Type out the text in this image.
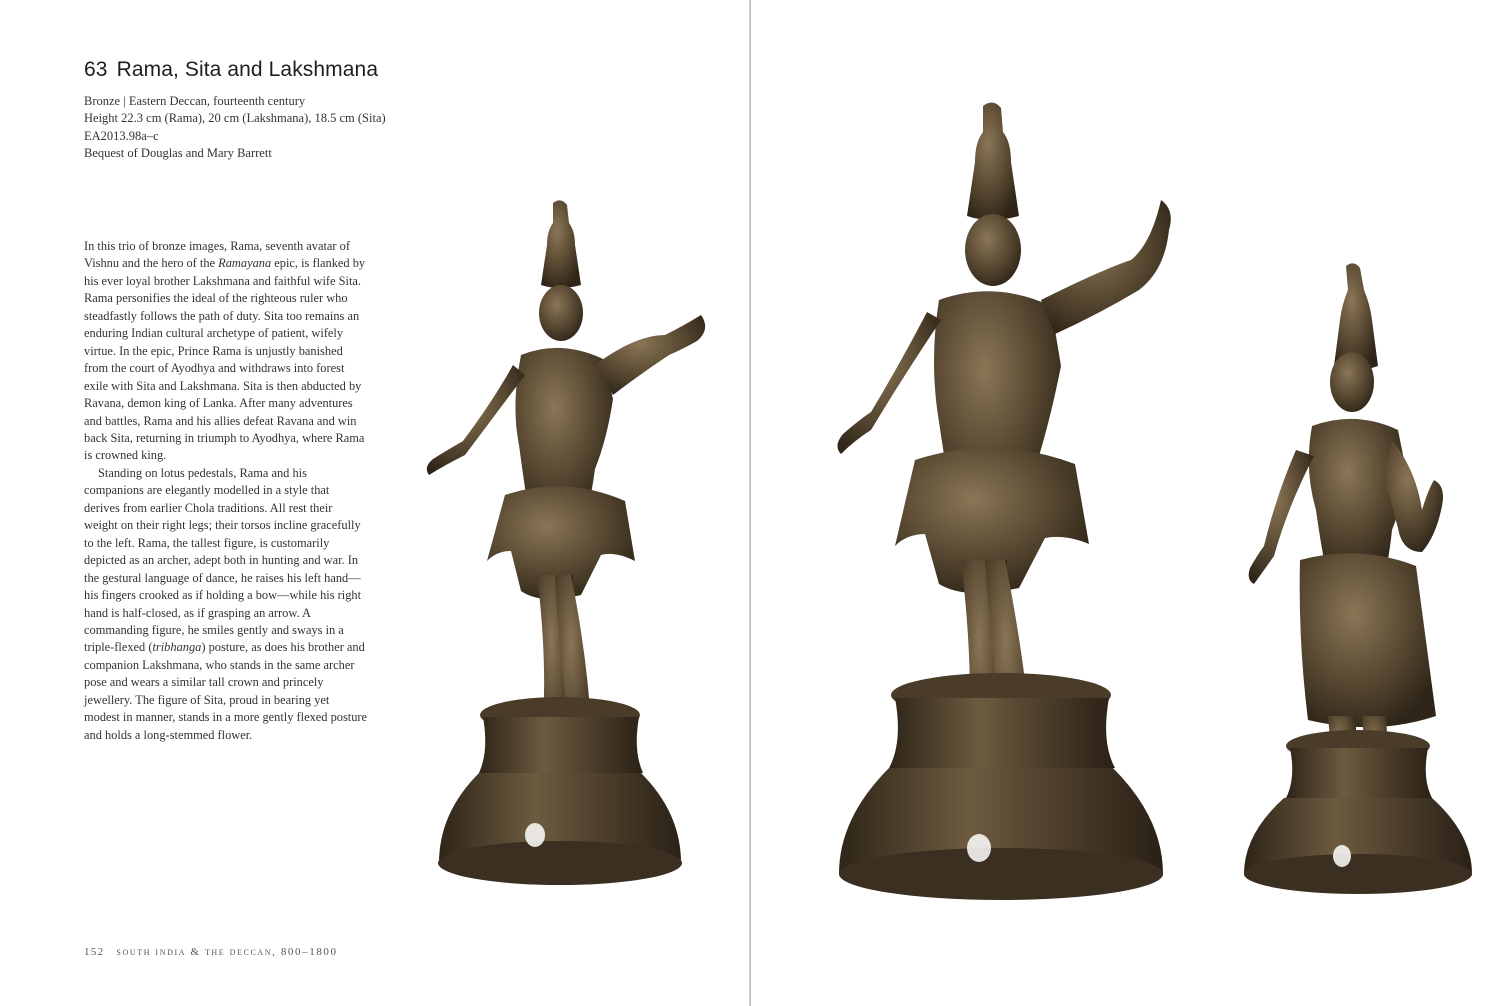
63 Rama, Sita and Lakshmana
Bronze | Eastern Deccan, fourteenth century
Height 22.3 cm (Rama), 20 cm (Lakshmana), 18.5 cm (Sita)
EA2013.98a–c
Bequest of Douglas and Mary Barrett

In this trio of bronze images, Rama, seventh avatar of Vishnu and the hero of the Ramayana epic, is flanked by his ever loyal brother Lakshmana and faithful wife Sita. Rama personifies the ideal of the righteous ruler who steadfastly follows the path of duty. Sita too remains an enduring Indian cultural archetype of patient, wifely virtue. In the epic, Prince Rama is unjustly banished from the court of Ayodhya and withdraws into forest exile with Sita and Lakshmana. Sita is then abducted by Ravana, demon king of Lanka. After many adventures and battles, Rama and his allies defeat Ravana and win back Sita, returning in triumph to Ayodhya, where Rama is crowned king.

Standing on lotus pedestals, Rama and his companions are elegantly modelled in a style that derives from earlier Chola traditions. All rest their weight on their right legs; their torsos incline gracefully to the left. Rama, the tallest figure, is customarily depicted as an archer, adept both in hunting and war. In the gestural language of dance, he raises his left hand—his fingers crooked as if holding a bow—while his right hand is half-closed, as if grasping an arrow. A commanding figure, he smiles gently and sways in a triple-flexed (tribhanga) posture, as does his brother and companion Lakshmana, who stands in the same archer pose and wears a similar tall crown and princely jewellery. The figure of Sita, proud in bearing yet modest in manner, stands in a more gently flexed posture and holds a long-stemmed flower.

152 south india & the deccan, 800–1800
